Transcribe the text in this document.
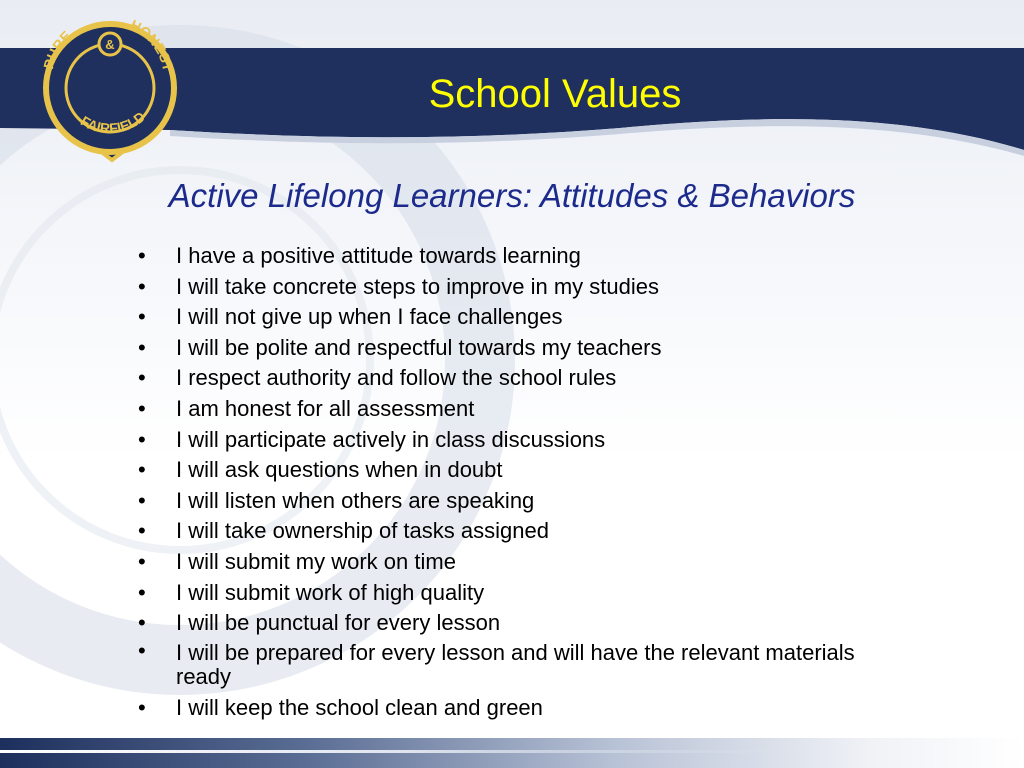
PURE
HONEST
&
FAIRFIELD
School Values
Active Lifelong Learners: Attitudes & Behaviors
• I have a positive attitude towards learning
• I will take concrete steps to improve in my studies
• I will not give up when I face challenges
• I will be polite and respectful towards my teachers
• I respect authority and follow the school rules
• I am honest for all assessment
• I will participate actively in class discussions
• I will ask questions when in doubt
• I will listen when others are speaking
• I will take ownership of tasks assigned
• I will submit my work on time
• I will submit work of high quality
• I will be punctual for every lesson
• I will be prepared for every lesson and will have the relevant materials ready
• I will keep the school clean and green
